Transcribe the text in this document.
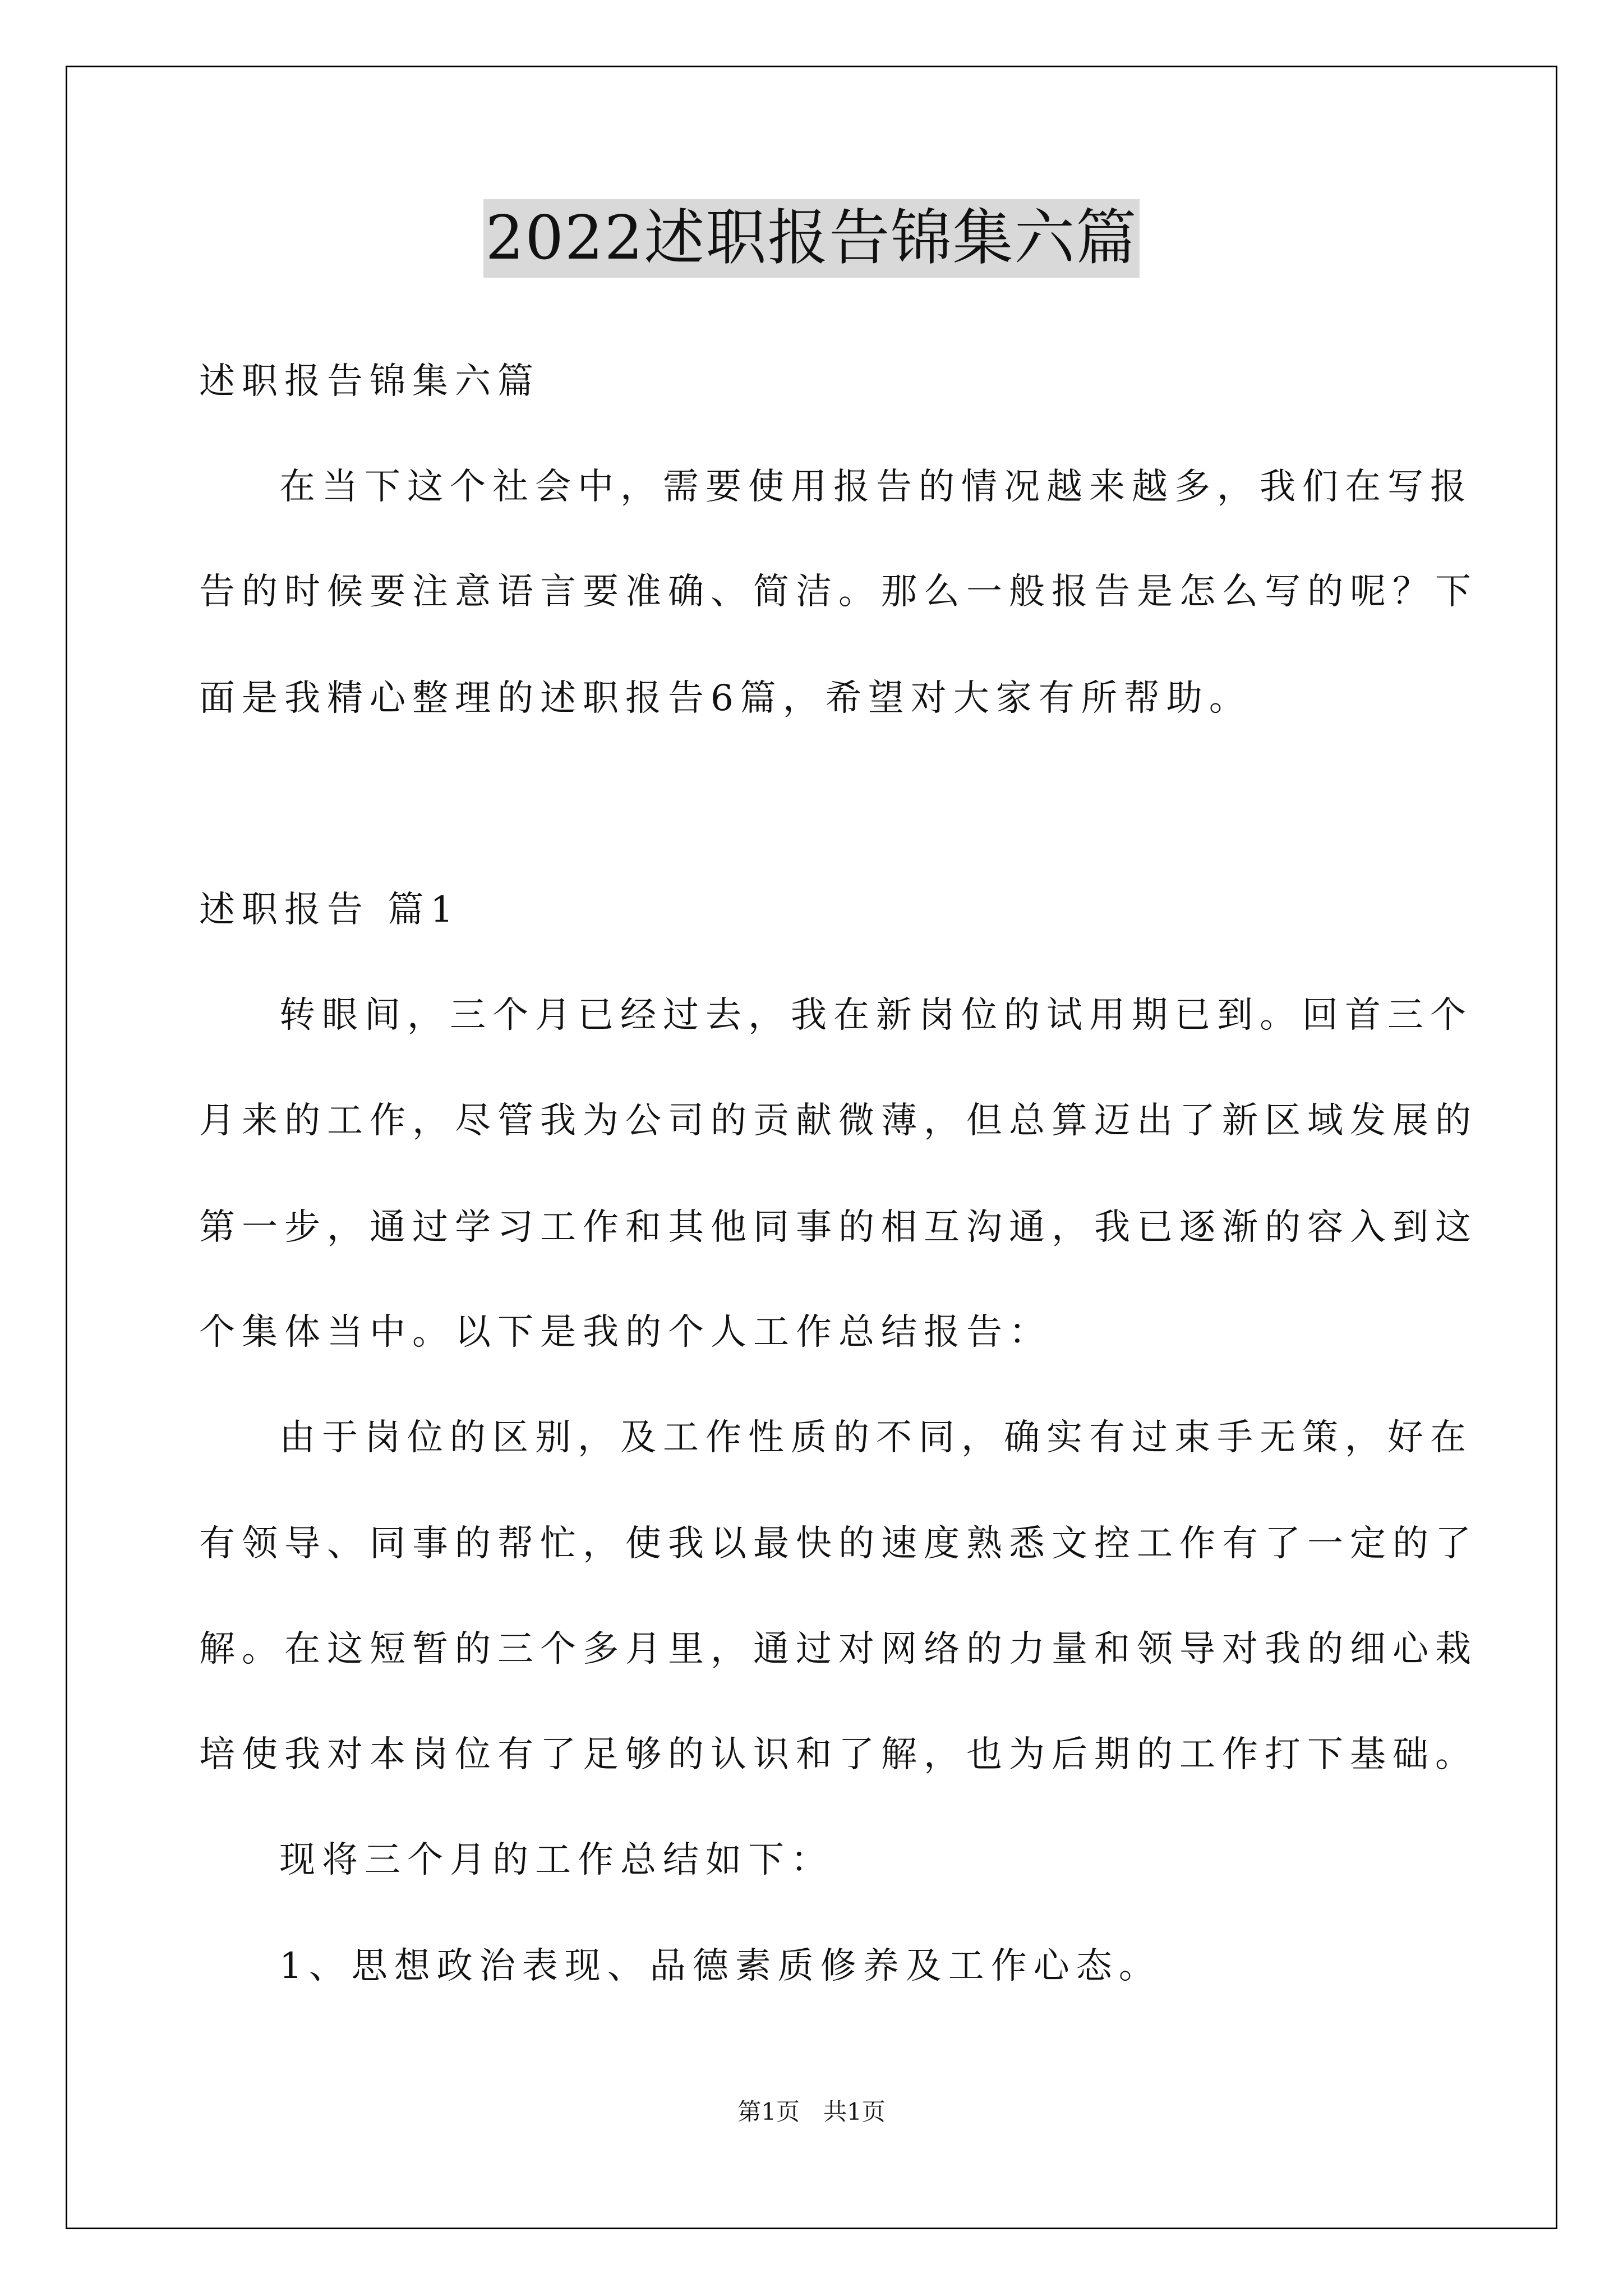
2022述职报告锦集六篇
述职报告锦集六篇
在当下这个社会中，需要使用报告的情况越来越多，我们在写报
告的时候要注意语言要准确、简洁。那么一般报告是怎么写的呢？下
面是我精心整理的述职报告6篇，希望对大家有所帮助。
述职报告 篇1
转眼间，三个月已经过去，我在新岗位的试用期已到。回首三个
月来的工作，尽管我为公司的贡献微薄，但总算迈出了新区域发展的
第一步，通过学习工作和其他同事的相互沟通，我已逐渐的容入到这
个集体当中。以下是我的个人工作总结报告：
由于岗位的区别，及工作性质的不同，确实有过束手无策，好在
有领导、同事的帮忙，使我以最快的速度熟悉文控工作有了一定的了
解。在这短暂的三个多月里，通过对网络的力量和领导对我的细心栽
培使我对本岗位有了足够的认识和了解，也为后期的工作打下基础。
现将三个月的工作总结如下：
1、思想政治表现、品德素质修养及工作心态。
第1页　共1页
